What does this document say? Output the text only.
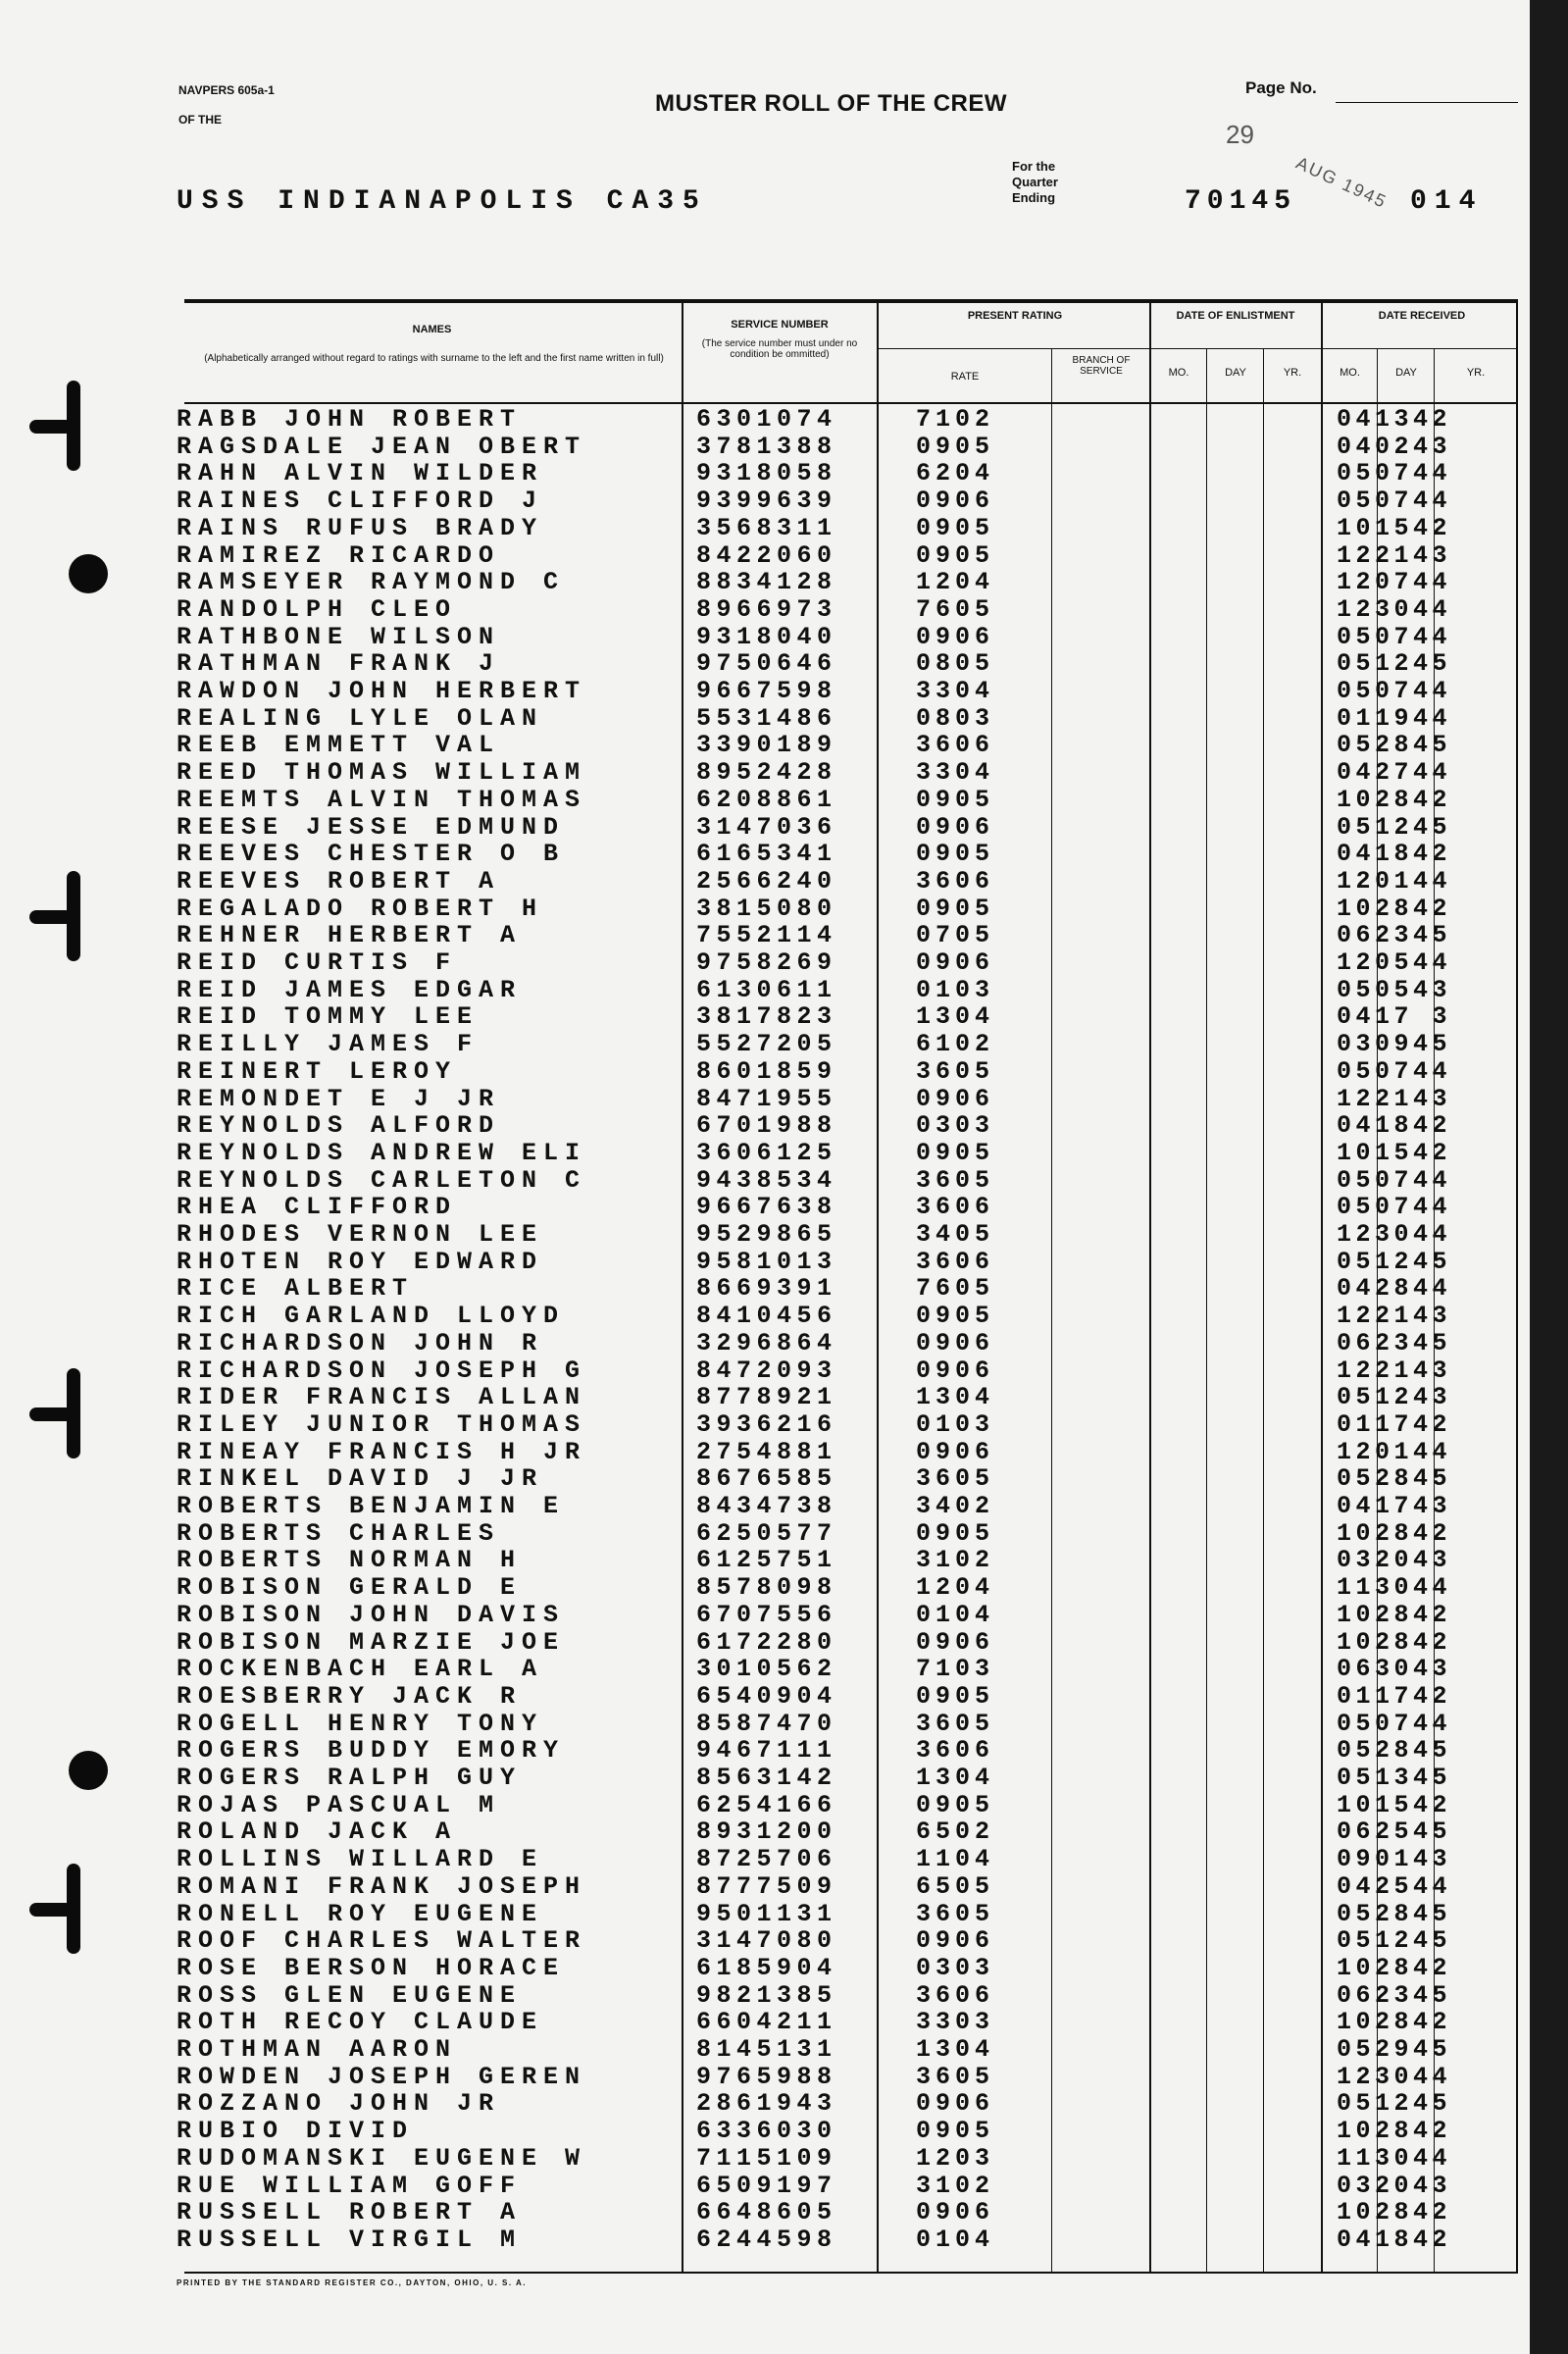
NAVPERS 605a-1
OF THE
MUSTER ROLL OF THE CREW
Page No.
USS INDIANAPOLIS CA35
For the
Quarter
Ending	70145
29
AUG 1945 014
NAMES
(Alphabetically arranged without regard to ratings with surname to the left and the first name written in full)
SERVICE NUMBER
(The service number must under no condition be ommitted)
PRESENT RATING
RATE
BRANCH OF SERVICE
DATE OF ENLISTMENT
MO.	DAY	YR.
DATE RECEIVED
MO.	DAY	YR.
RABB JOHN ROBERT	6301074	7102	041342
RAGSDALE JEAN OBERT	3781388	0905	040243
RAHN ALVIN WILDER	9318058	6204	050744
RAINES CLIFFORD J	9399639	0906	050744
RAINS RUFUS BRADY	3568311	0905	101542
RAMIREZ RICARDO	8422060	0905	122143
RAMSEYER RAYMOND C	8834128	1204	120744
RANDOLPH CLEO	8966973	7605	123044
RATHBONE WILSON	9318040	0906	050744
RATHMAN FRANK J	9750646	0805	051245
RAWDON JOHN HERBERT	9667598	3304	050744
REALING LYLE OLAN	5531486	0803	011944
REEB EMMETT VAL	3390189	3606	052845
REED THOMAS WILLIAM	8952428	3304	042744
REEMTS ALVIN THOMAS	6208861	0905	102842
REESE JESSE EDMUND	3147036	0906	051245
REEVES CHESTER O B	6165341	0905	041842
REEVES ROBERT A	2566240	3606	120144
REGALADO ROBERT H	3815080	0905	102842
REHNER HERBERT A	7552114	0705	062345
REID CURTIS F	9758269	0906	120544
REID JAMES EDGAR	6130611	0103	050543
REID TOMMY LEE	3817823	1304	0417 3
REILLY JAMES F	5527205	6102	030945
REINERT LEROY	8601859	3605	050744
REMONDET E J JR	8471955	0906	122143
REYNOLDS ALFORD	6701988	0303	041842
REYNOLDS ANDREW ELI	3606125	0905	101542
REYNOLDS CARLETON C	9438534	3605	050744
RHEA CLIFFORD	9667638	3606	050744
RHODES VERNON LEE	9529865	3405	123044
RHOTEN ROY EDWARD	9581013	3606	051245
RICE ALBERT	8669391	7605	042844
RICH GARLAND LLOYD	8410456	0905	122143
RICHARDSON JOHN R	3296864	0906	062345
RICHARDSON JOSEPH G	8472093	0906	122143
RIDER FRANCIS ALLAN	8778921	1304	051243
RILEY JUNIOR THOMAS	3936216	0103	011742
RINEAY FRANCIS H JR	2754881	0906	120144
RINKEL DAVID J JR	8676585	3605	052845
ROBERTS BENJAMIN E	8434738	3402	041743
ROBERTS CHARLES	6250577	0905	102842
ROBERTS NORMAN H	6125751	3102	032043
ROBISON GERALD E	8578098	1204	113044
ROBISON JOHN DAVIS	6707556	0104	102842
ROBISON MARZIE JOE	6172280	0906	102842
ROCKENBACH EARL A	3010562	7103	063043
ROESBERRY JACK R	6540904	0905	011742
ROGELL HENRY TONY	8587470	3605	050744
ROGERS BUDDY EMORY	9467111	3606	052845
ROGERS RALPH GUY	8563142	1304	051345
ROJAS PASCUAL M	6254166	0905	101542
ROLAND JACK A	8931200	6502	062545
ROLLINS WILLARD E	8725706	1104	090143
ROMANI FRANK JOSEPH	8777509	6505	042544
RONELL ROY EUGENE	9501131	3605	052845
ROOF CHARLES WALTER	3147080	0906	051245
ROSE BERSON HORACE	6185904	0303	102842
ROSS GLEN EUGENE	9821385	3606	062345
ROTH RECOY CLAUDE	6604211	3303	102842
ROTHMAN AARON	8145131	1304	052945
ROWDEN JOSEPH GEREN	9765988	3605	123044
ROZZANO JOHN JR	2861943	0906	051245
RUBIO DIVID	6336030	0905	102842
RUDOMANSKI EUGENE W	7115109	1203	113044
RUE WILLIAM GOFF	6509197	3102	032043
RUSSELL ROBERT A	6648605	0906	102842
RUSSELL VIRGIL M	6244598	0104	041842
PRINTED BY THE STANDARD REGISTER CO., DAYTON, OHIO, U. S. A.
